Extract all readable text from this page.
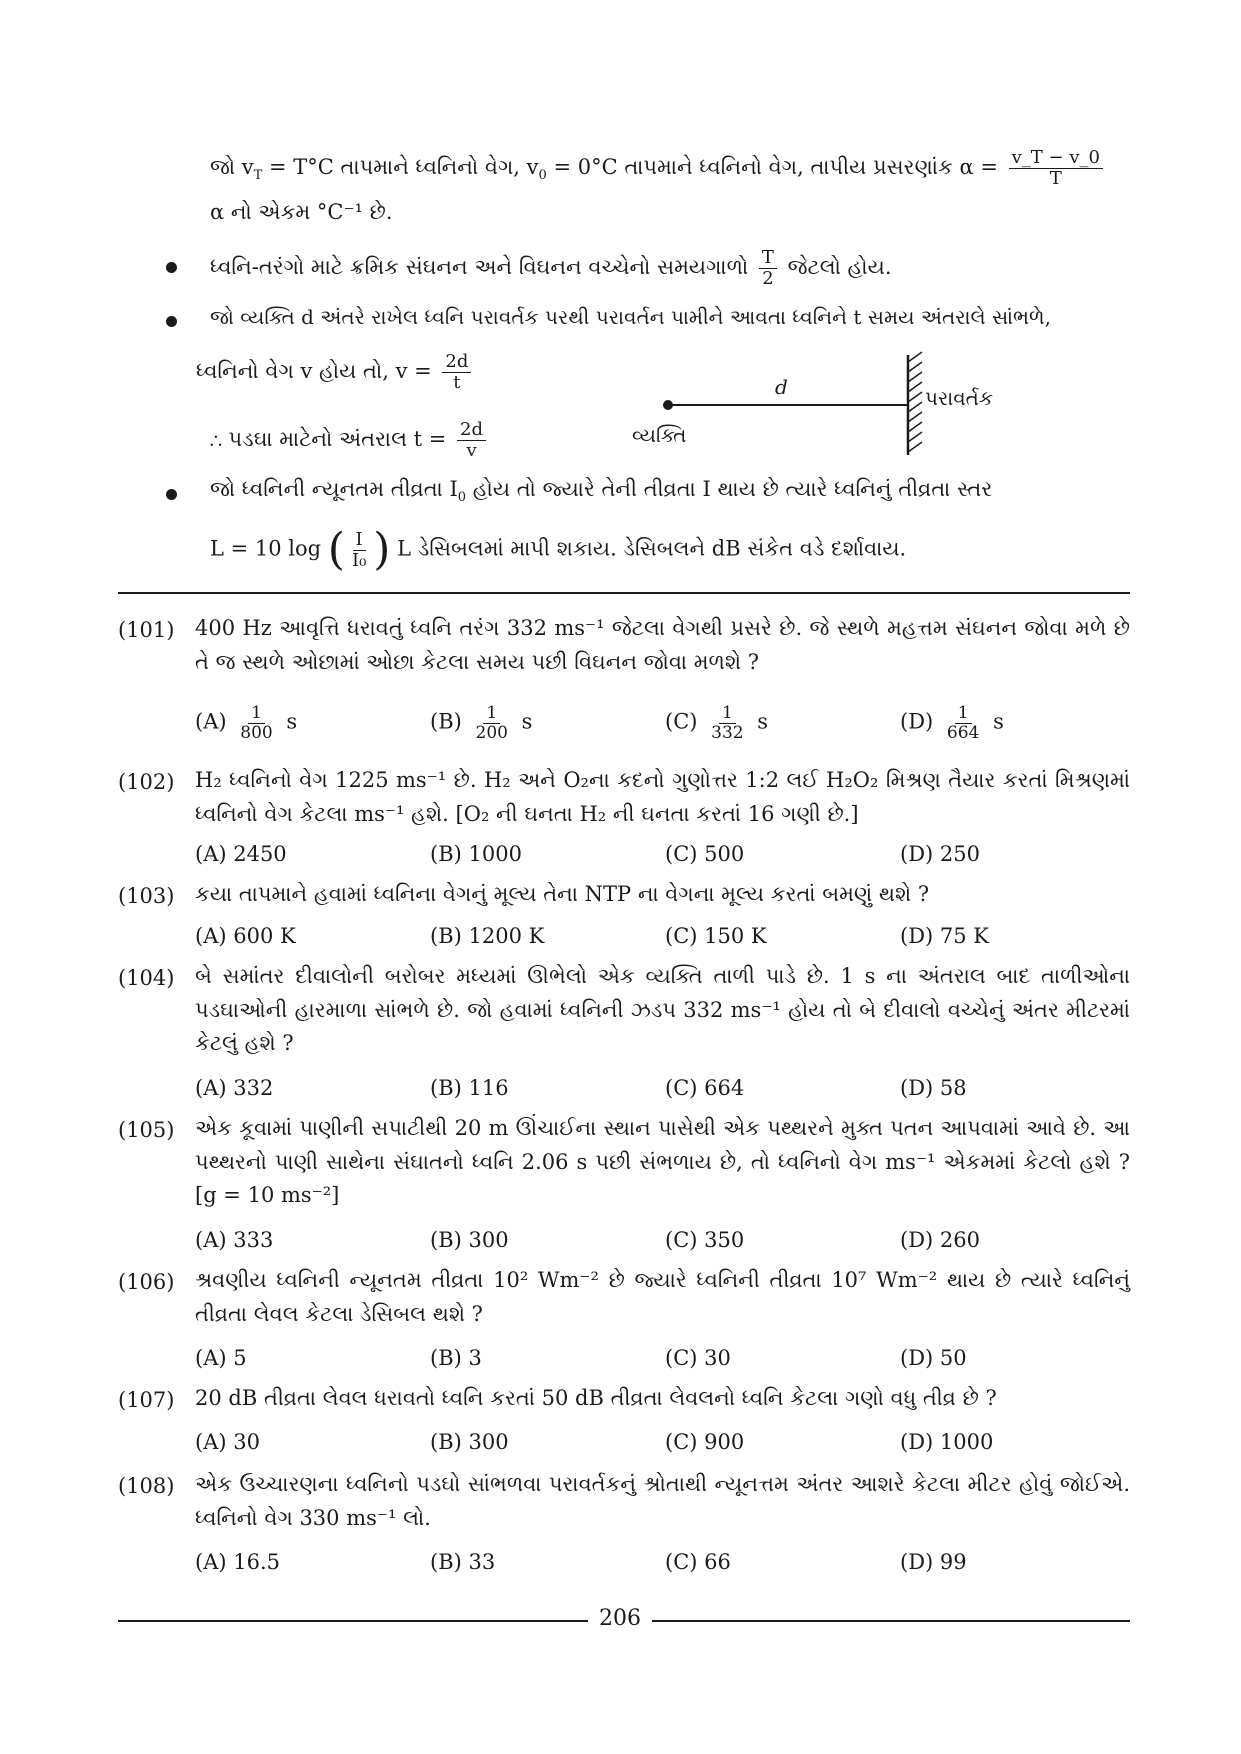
જો $v_T = T^\circ C$ તાપમાને ધ્વનિનો વેગ, $v_0 = 0^\circ C$ તાપમાને ધ્વનિનો વેગ, તાપીય પ્રસરણાંક $\alpha = \frac{v\_T - v\_0}{T}$
α નો એકમ °C⁻¹ છે.
ધ્વનિ-તરંગો માટે ક્રમિક સંઘનન અને વિઘનન વચ્ચેનો સમયગાળો $\frac{T}{2}$ જેટલો હોય.
જો વ્યક્તિ d અંતરે રાખેલ ધ્વનિ પરાવર્તક પરથી પરાવર્તન પામીને આવતા ધ્વનિને t સમય અંતરાલે સાંભળે,
ધ્વનિનો વેગ v હોય તો, $v = \frac{2d}{t}$
∴ પડઘા માટેનો અંતરાલ $t = \frac{2d}{v}$
d
વ્યક્તિ
પરાવર્તક
જો ધ્વનિની ન્યૂનતમ તીવ્રતા $I_0$ હોય તો જ્યારે તેની તીવ્રતા I થાય છે ત્યારે ધ્વનિનું તીવ્રતા સ્તર
L = 10 log ( $\frac{I}{\text{I₀}}$ ) L ડેસિબલમાં માપી શકાય. ડેસિબલને dB સંકેત વડે દર્શાવાય.
(101) 400 Hz આવૃત્તિ ધરાવતું ધ્વનિ તરંગ 332 ms⁻¹ જેટલા વેગથી પ્રસરે છે. જે સ્થળે મહત્તમ સંઘનન જોવા મળે છે તે જ સ્થળે ઓછામાં ઓછા કેટલા સમય પછી વિઘનન જોવા મળશે ?
$(A) \frac{1}{800}$ s	$(B) \frac{1}{200}$ s	$(C) \frac{1}{332}$ s	$(D) \frac{1}{664}$ s
(102) H₂ ધ્વનિનો વેગ 1225 ms⁻¹ છે. H₂ અને O₂ના કદનો ગુણોત્તર 1:2 લઈ H₂O₂ મિશ્રણ તૈયાર કરતાં મિશ્રણમાં ધ્વનિનો વેગ કેટલા ms⁻¹ હશે. [O₂ ની ઘનતા H₂ ની ઘનતા કરતાં 16 ગણી છે.]
(A) 2450	(B) 1000	(C) 500	(D) 250
(103) કયા તાપમાને હવામાં ધ્વનિના વેગનું મૂલ્ય તેના NTP ના વેગના મૂલ્ય કરતાં બમણું થશે ?
(A) 600 K	(B) 1200 K	(C) 150 K	(D) 75 K
(104) બે સમાંતર દીવાલોની બરોબર મધ્યમાં ઊભેલો એક વ્યક્તિ તાળી પાડે છે. 1 s ના અંતરાલ બાદ તાળીઓના પડઘાઓની હારમાળા સાંભળે છે. જો હવામાં ધ્વનિની ઝડપ 332 ms⁻¹ હોય તો બે દીવાલો વચ્ચેનું અંતર મીટરમાં કેટલું હશે ?
(A) 332	(B) 116	(C) 664	(D) 58
(105) એક કૂવામાં પાણીની સપાટીથી 20 m ઊંચાઈના સ્થાન પાસેથી એક પથ્થરને મુક્ત પતન આપવામાં આવે છે. આ પથ્થરનો પાણી સાથેના સંઘાતનો ધ્વનિ 2.06 s પછી સંભળાય છે, તો ધ્વનિનો વેગ ms⁻¹ એકમમાં કેટલો હશે ? [g = 10 ms⁻²]
(A) 333	(B) 300	(C) 350	(D) 260
(106) શ્રવણીય ધ્વનિની ન્યૂનતમ તીવ્રતા 10² Wm⁻² છે જ્યારે ધ્વનિની તીવ્રતા 10⁷ Wm⁻² થાય છે ત્યારે ધ્વનિનું તીવ્રતા લેવલ કેટલા ડેસિબલ થશે ?
(A) 5	(B) 3	(C) 30	(D) 50
(107) 20 dB તીવ્રતા લેવલ ધરાવતો ધ્વનિ કરતાં 50 dB તીવ્રતા લેવલનો ધ્વનિ કેટલા ગણો વધુ તીવ્ર છે ?
(A) 30	(B) 300	(C) 900	(D) 1000
(108) એક ઉચ્ચારણના ધ્વનિનો પડઘો સાંભળવા પરાવર્તકનું શ્રોતાથી ન્યૂનત્તમ અંતર આશરે કેટલા મીટર હોવું જોઈએ. ધ્વનિનો વેગ 330 ms⁻¹ લો.
(A) 16.5	(B) 33	(C) 66	(D) 99
206
